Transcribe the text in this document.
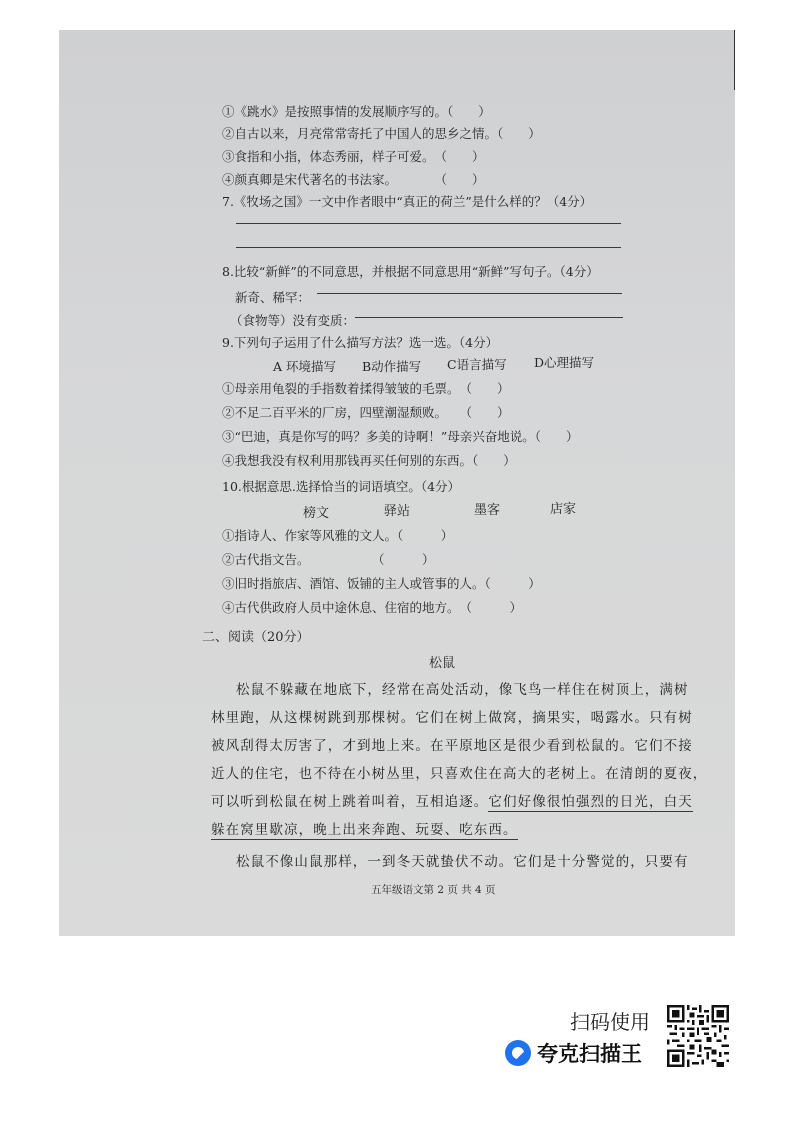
①《跳水》是按照事情的发展顺序写的。（　　）
②自古以来，月亮常常寄托了中国人的思乡之情。（　　）
③食指和小指，体态秀丽，样子可爱。　（　　）
④颜真卿是宋代著名的书法家。　　　　（　　）
7.《牧场之国》一文中作者眼中“真正的荷兰”是什么样的？（4分）
8.比较“新鲜”的不同意思，并根据不同意思用“新鲜”写句子。（4分）
新奇、稀罕：
（食物等）没有变质：
9.下列句子运用了什么描写方法？选一选。（4分）
A 环境描写 B动作描写 C语言描写 D心理描写
①母亲用龟裂的手指数着揉得皱皱的毛票。　（　　）
②不足二百平米的厂房，四壁潮湿颓败。　　（　　）
③“巴迪，真是你写的吗？多美的诗啊！”母亲兴奋地说。（　　）
④我想我没有权利用那钱再买任何别的东西。（　　）
10.根据意思.选择恰当的词语填空。（4分）
榜文	驿站	墨客	店家
①指诗人、作家等风雅的文人。（　　　）
②古代指文告。　　　　　　（　　　）
③旧时指旅店、酒馆、饭铺的主人或管事的人。（　　　）
④古代供政府人员中途休息、住宿的地方。　（　　　）
二、阅读（20分）
松鼠
松鼠不躲藏在地底下，经常在高处活动，像飞鸟一样住在树顶上，满树
林里跑，从这棵树跳到那棵树。它们在树上做窝，摘果实，喝露水。只有树
被风刮得太厉害了，才到地上来。在平原地区是很少看到松鼠的。它们不接
近人的住宅，也不待在小树丛里，只喜欢住在高大的老树上。在清朗的夏夜，
可以听到松鼠在树上跳着叫着，互相追逐。它们好像很怕强烈的日光，白天
躲在窝里歇凉，晚上出来奔跑、玩耍、吃东西。
松鼠不像山鼠那样，一到冬天就蛰伏不动。它们是十分警觉的，只要有
五年级语文第 2 页 共 4 页
扫码使用
夸克扫描王
